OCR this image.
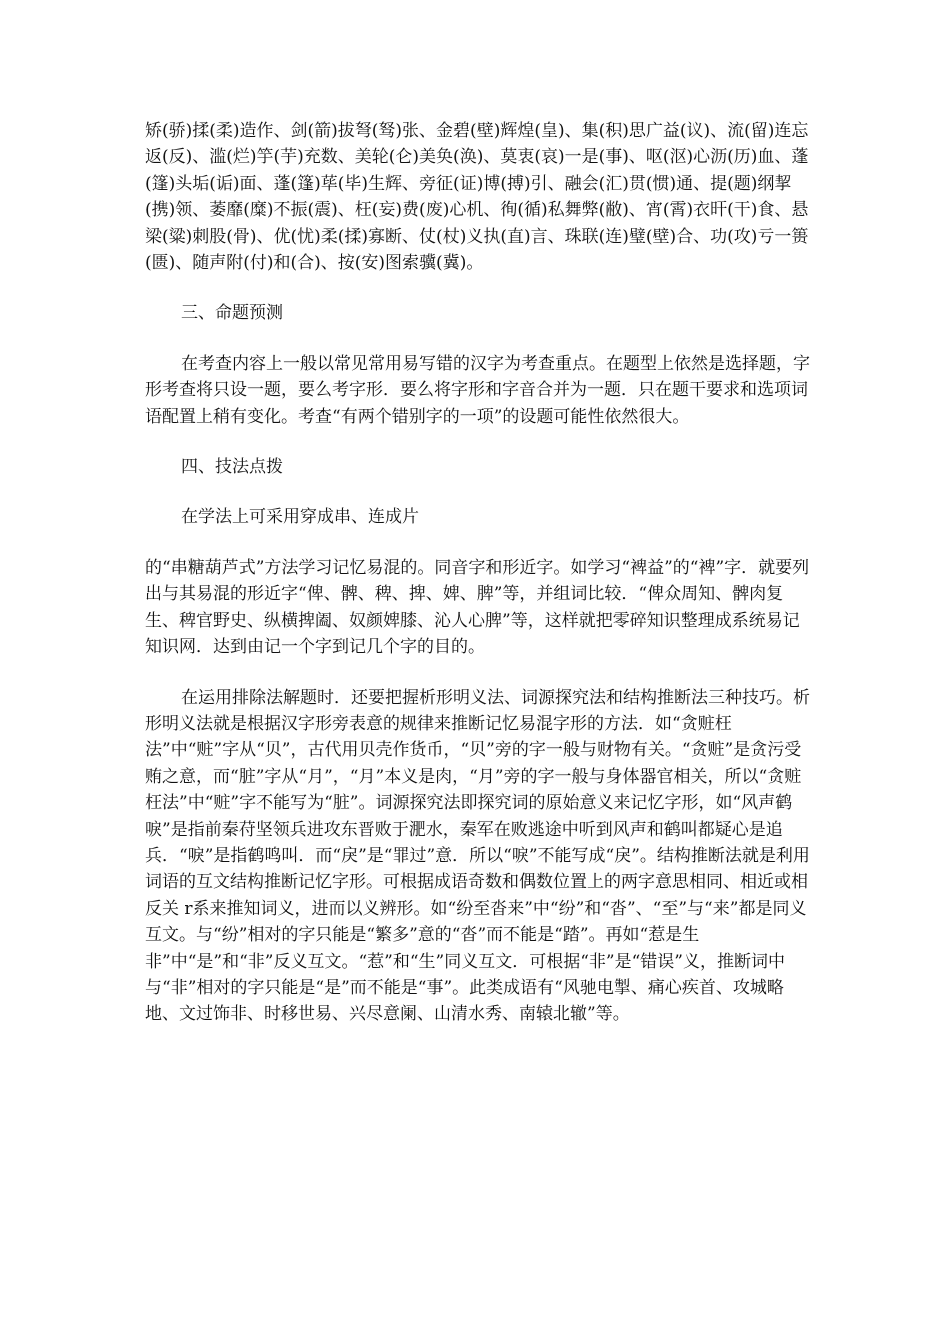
矫(骄)揉(柔)造作、剑(箭)拔弩(驽)张、金碧(壁)辉煌(皇)、集(积)思广益(议)、流(留)连忘返(反)、滥(烂)竽(芋)充数、美轮(仑)美奂(涣)、莫衷(哀)一是(事)、呕(沤)心沥(历)血、蓬(篷)头垢(诟)面、蓬(篷)荜(毕)生辉、旁征(证)博(搏)引、融会(汇)贯(惯)通、提(题)纲挈(携)领、萎靡(糜)不振(震)、枉(妄)费(废)心机、徇(循)私舞弊(敝)、宵(霄)衣旰(干)食、悬梁(粱)刺股(骨)、优(忧)柔(揉)寡断、仗(杖)义执(直)言、珠联(连)璧(壁)合、功(攻)亏一篑(匮)、随声附(付)和(合)、按(安)图索骥(冀)。

三、命题预测

在考查内容上一般以常见常用易写错的汉字为考查重点。在题型上依然是选择题，字形考查将只设一题，要么考字形．要么将字形和字音合并为一题．只在题干要求和选项词语配置上稍有变化。考查“有两个错别字的一项”的设题可能性依然很大。

四、技法点拨

在学法上可采用穿成串、连成片

的“串糖葫芦式”方法学习记忆易混的。同音字和形近字。如学习“裨益”的“裨”字．就要列出与其易混的形近字“俾、髀、稗、捭、婢、脾”等，并组词比较．“俾众周知、髀肉复生、稗官野史、纵横捭阖、奴颜婢膝、沁人心脾”等，这样就把零碎知识整理成系统易记知识网．达到由记一个字到记几个字的目的。

在运用排除法解题时．还要把握析形明义法、词源探究法和结构推断法三种技巧。析形明义法就是根据汉字形旁表意的规律来推断记忆易混字形的方法．如“贪赃枉法”中“赃”字从“贝”，古代用贝壳作货币，“贝”旁的字一般与财物有关。“贪赃”是贪污受贿之意，而“脏”字从“月”，“月”本义是肉，“月”旁的字一般与身体器官相关，所以“贪赃枉法”中“赃”字不能写为“脏”。词源探究法即探究词的原始意义来记忆字形，如“风声鹤唳”是指前秦苻坚领兵进攻东晋败于淝水，秦军在败逃途中听到风声和鹤叫都疑心是追兵．“唳”是指鹤鸣叫．而“戾”是“罪过”意．所以“唳”不能写成“戾”。结构推断法就是利用词语的互文结构推断记忆字形。可根据成语奇数和偶数位置上的两字意思相同、相近或相反关 r系来推知词义，进而以义辨形。如“纷至沓来”中“纷”和“沓”、“至”与“来”都是同义互文。与“纷”相对的字只能是“繁多”意的“沓”而不能是“踏”。再如“惹是生非”中“是”和“非”反义互文。“惹”和“生”同义互文．可根据“非”是“错误”义，推断词中与“非”相对的字只能是“是”而不能是“事”。此类成语有“风驰电掣、痛心疾首、攻城略地、文过饰非、时移世易、兴尽意阑、山清水秀、南辕北辙”等。
